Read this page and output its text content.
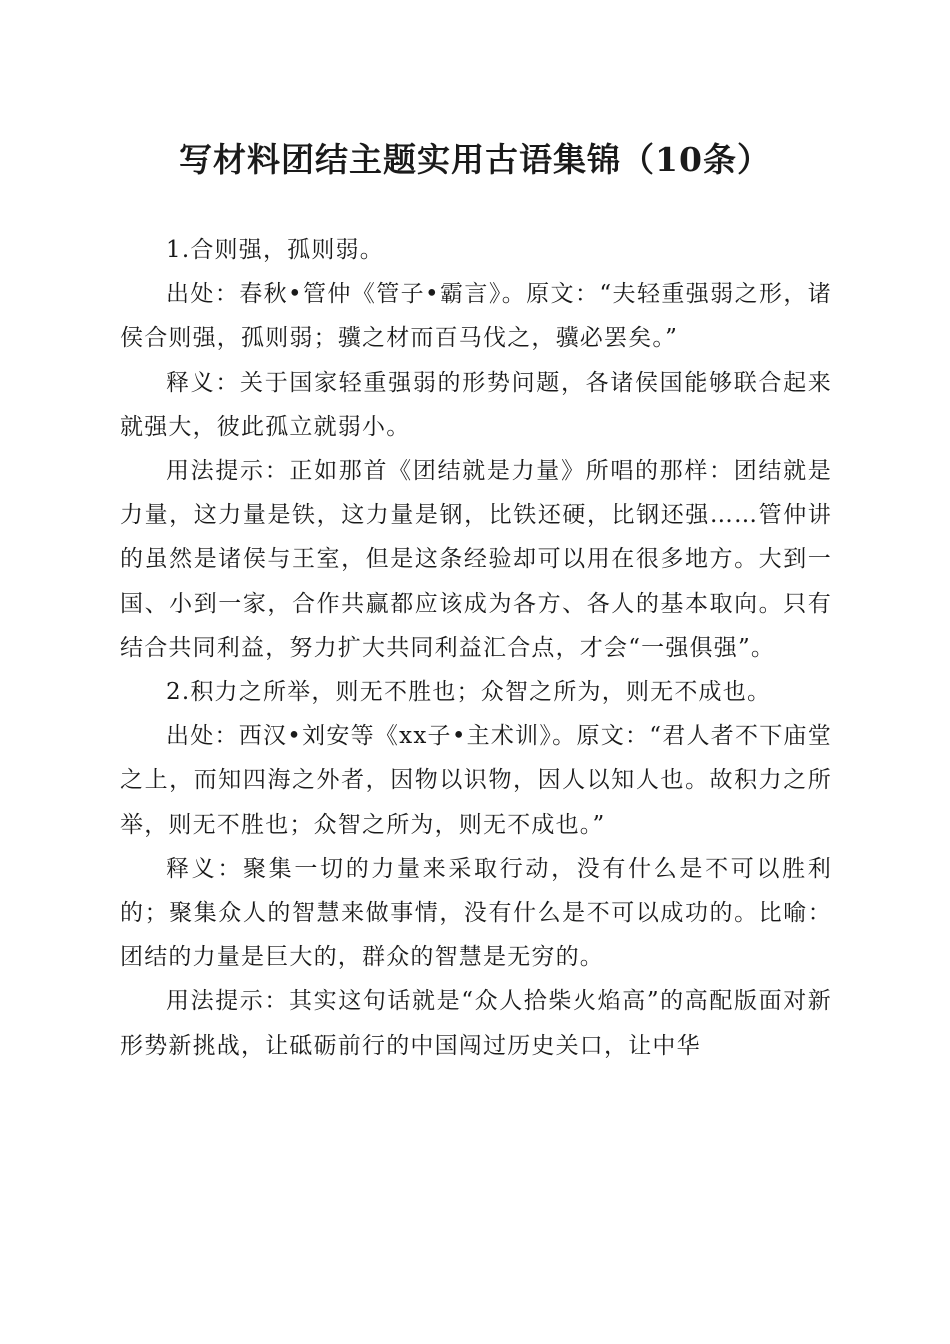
写材料团结主题实用古语集锦（10条）

1.合则强，孤则弱。

出处：春秋•管仲《管子•霸言》。原文：“夫轻重强弱之形，诸侯合则强，孤则弱；骥之材而百马伐之，骥必罢矣。”

释义：关于国家轻重强弱的形势问题，各诸侯国能够联合起来就强大，彼此孤立就弱小。

用法提示：正如那首《团结就是力量》所唱的那样：团结就是力量，这力量是铁，这力量是钢，比铁还硬，比钢还强……管仲讲的虽然是诸侯与王室，但是这条经验却可以用在很多地方。大到一国、小到一家，合作共赢都应该成为各方、各人的基本取向。只有结合共同利益，努力扩大共同利益汇合点，才会“一强俱强”。

2.积力之所举，则无不胜也；众智之所为，则无不成也。

出处：西汉•刘安等《xx子•主术训》。原文：“君人者不下庙堂之上，而知四海之外者，因物以识物，因人以知人也。故积力之所举，则无不胜也；众智之所为，则无不成也。”

释义：聚集一切的力量来采取行动，没有什么是不可以胜利的；聚集众人的智慧来做事情，没有什么是不可以成功的。比喻：团结的力量是巨大的，群众的智慧是无穷的。

用法提示：其实这句话就是“众人拾柴火焰高”的高配版面对新形势新挑战，让砥砺前行的中国闯过历史关口，让中华
